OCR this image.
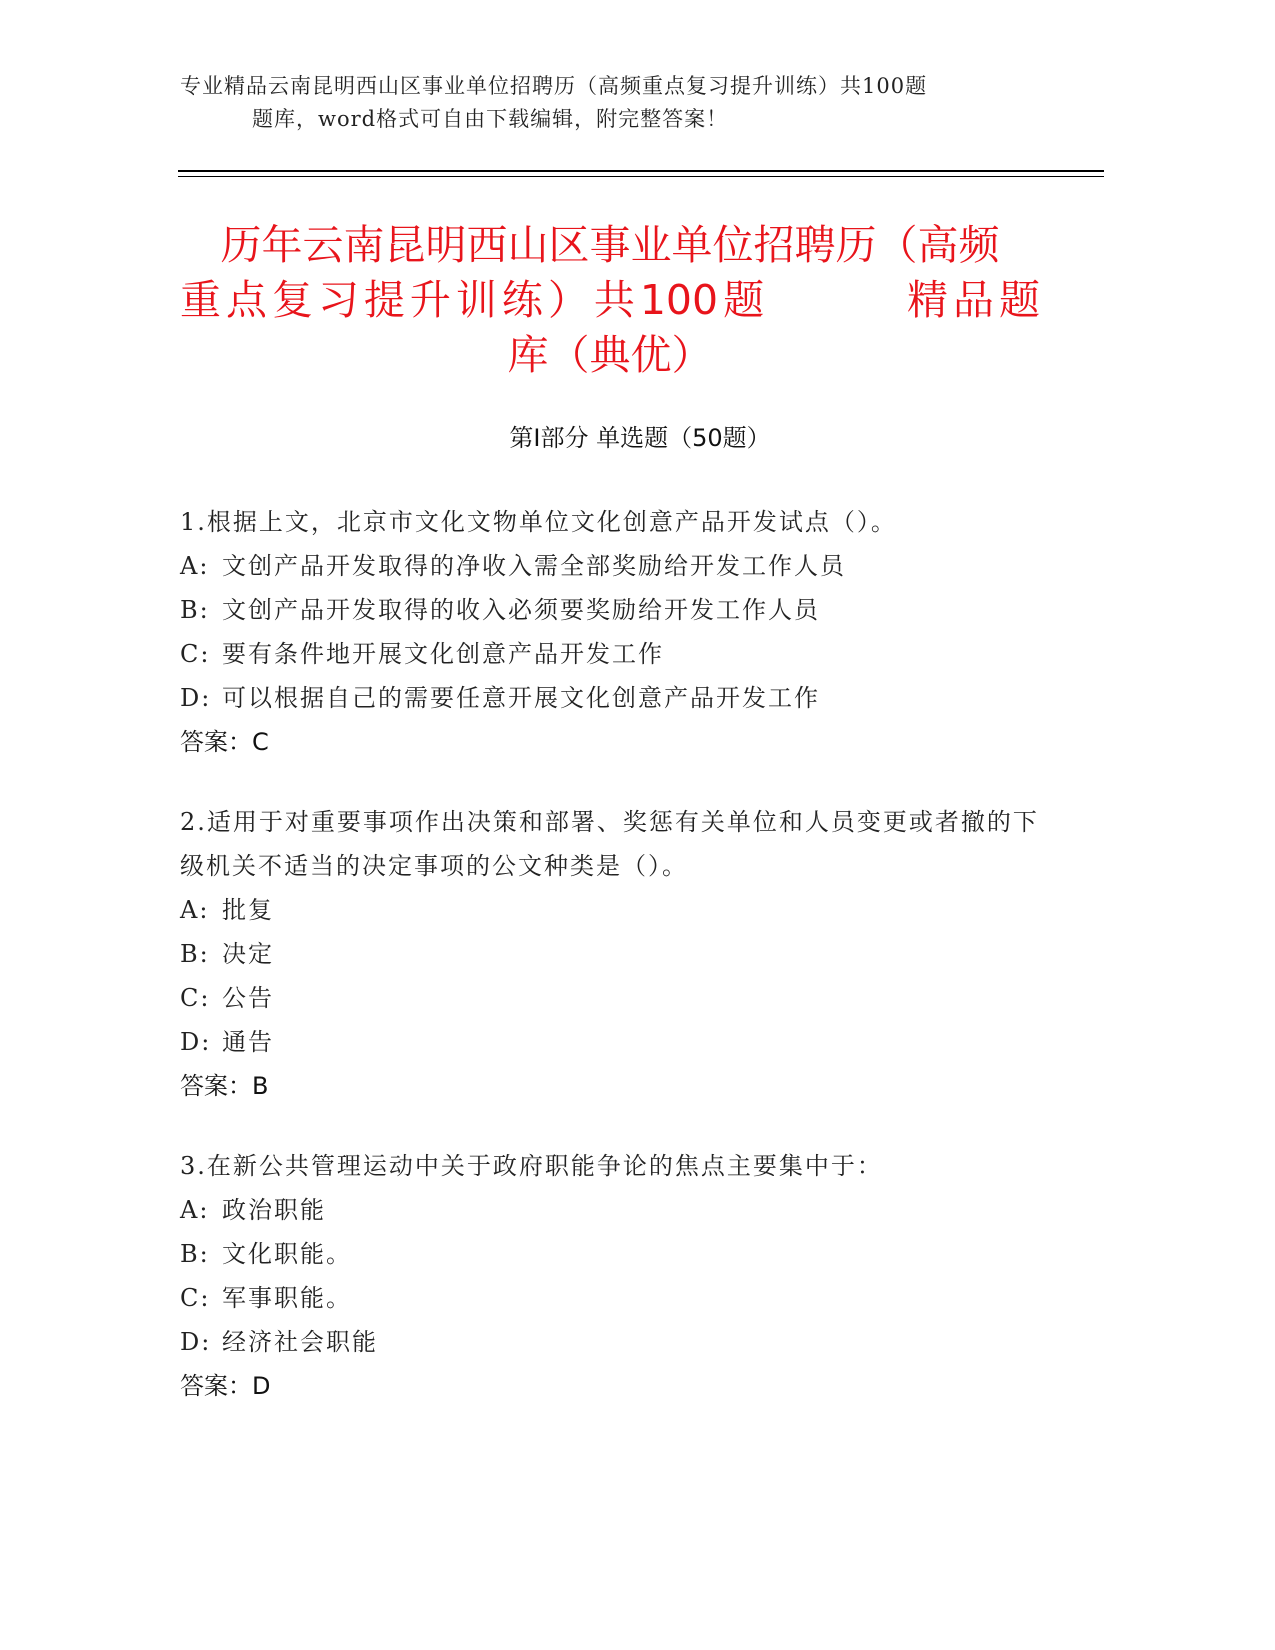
专业精品云南昆明西山区事业单位招聘历（高频重点复习提升训练）共100题
题库，word格式可自由下载编辑，附完整答案！
历年云南昆明西山区事业单位招聘历（高频
重点复习提升训练）共100题　　　精品题
库（典优）
第Ⅰ部分 单选题（50题）
1.根据上文，北京市文化文物单位文化创意产品开发试点（）。
A: 文创产品开发取得的净收入需全部奖励给开发工作人员
B: 文创产品开发取得的收入必须要奖励给开发工作人员
C: 要有条件地开展文化创意产品开发工作
D: 可以根据自己的需要任意开展文化创意产品开发工作
答案：C
2.适用于对重要事项作出决策和部署、奖惩有关单位和人员变更或者撤的下级机关不适当的决定事项的公文种类是（）。
A: 批复
B: 决定
C: 公告
D: 通告
答案：B
3.在新公共管理运动中关于政府职能争论的焦点主要集中于：
A: 政治职能
B: 文化职能。
C: 军事职能。
D: 经济社会职能
答案：D
